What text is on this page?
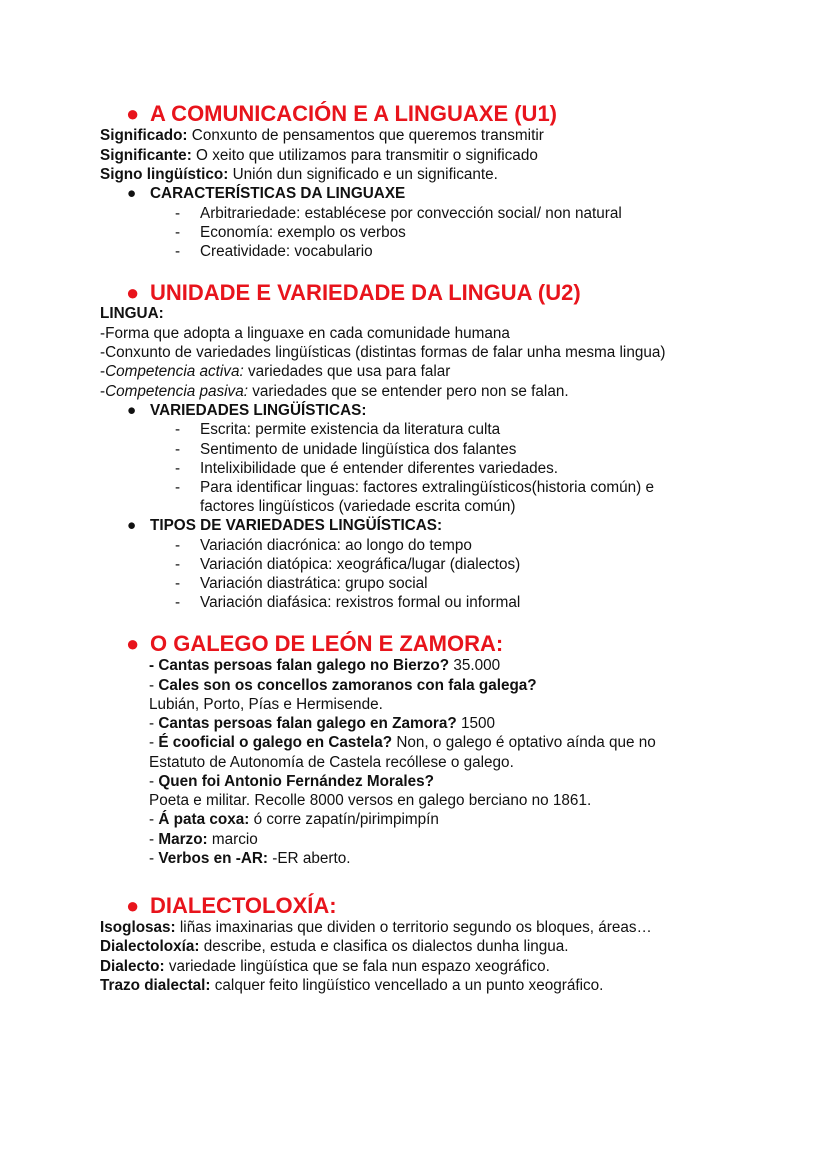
● A COMUNICACIÓN E A LINGUAXE (U1)
Significado: Conxunto de pensamentos que queremos transmitir
Significante: O xeito que utilizamos para transmitir o significado
Signo lingüístico: Unión dun significado e un significante.
● CARACTERÍSTICAS DA LINGUAXE
- Arbitrariedade: establécese por convección social/ non natural
- Economía: exemplo os verbos
- Creatividade: vocabulario
● UNIDADE E VARIEDADE DA LINGUA (U2)
LINGUA:
-Forma que adopta a linguaxe en cada comunidade humana
-Conxunto de variedades lingüísticas (distintas formas de falar unha mesma lingua)
-Competencia activa: variedades que usa para falar
-Competencia pasiva: variedades que se entender pero non se falan.
● VARIEDADES LINGÜÍSTICAS:
- Escrita: permite existencia da literatura culta
- Sentimento de unidade lingüística dos falantes
- Intelixibilidade que é entender diferentes variedades.
- Para identificar linguas: factores extralingüísticos(historia común) e
factores lingüísticos (variedade escrita común)
● TIPOS DE VARIEDADES LINGÜÍSTICAS:
- Variación diacrónica: ao longo do tempo
- Variación diatópica: xeográfica/lugar (dialectos)
- Variación diastrática: grupo social
- Variación diafásica: rexistros formal ou informal
● O GALEGO DE LEÓN E ZAMORA:
- Cantas persoas falan galego no Bierzo? 35.000
- Cales son os concellos zamoranos con fala galega?
Lubián, Porto, Pías e Hermisende.
- Cantas persoas falan galego en Zamora? 1500
- É cooficial o galego en Castela? Non, o galego é optativo aínda que no
Estatuto de Autonomía de Castela recóllese o galego.
- Quen foi Antonio Fernández Morales?
Poeta e militar. Recolle 8000 versos en galego berciano no 1861.
- Á pata coxa: ó corre zapatín/pirimpimpín
- Marzo: marcio
- Verbos en -AR: -ER aberto.
● DIALECTOLOXÍA:
Isoglosas: liñas imaxinarias que dividen o territorio segundo os bloques, áreas…
Dialectoloxía: describe, estuda e clasifica os dialectos dunha lingua.
Dialecto: variedade lingüística que se fala nun espazo xeográfico.
Trazo dialectal: calquer feito lingüístico vencellado a un punto xeográfico.
